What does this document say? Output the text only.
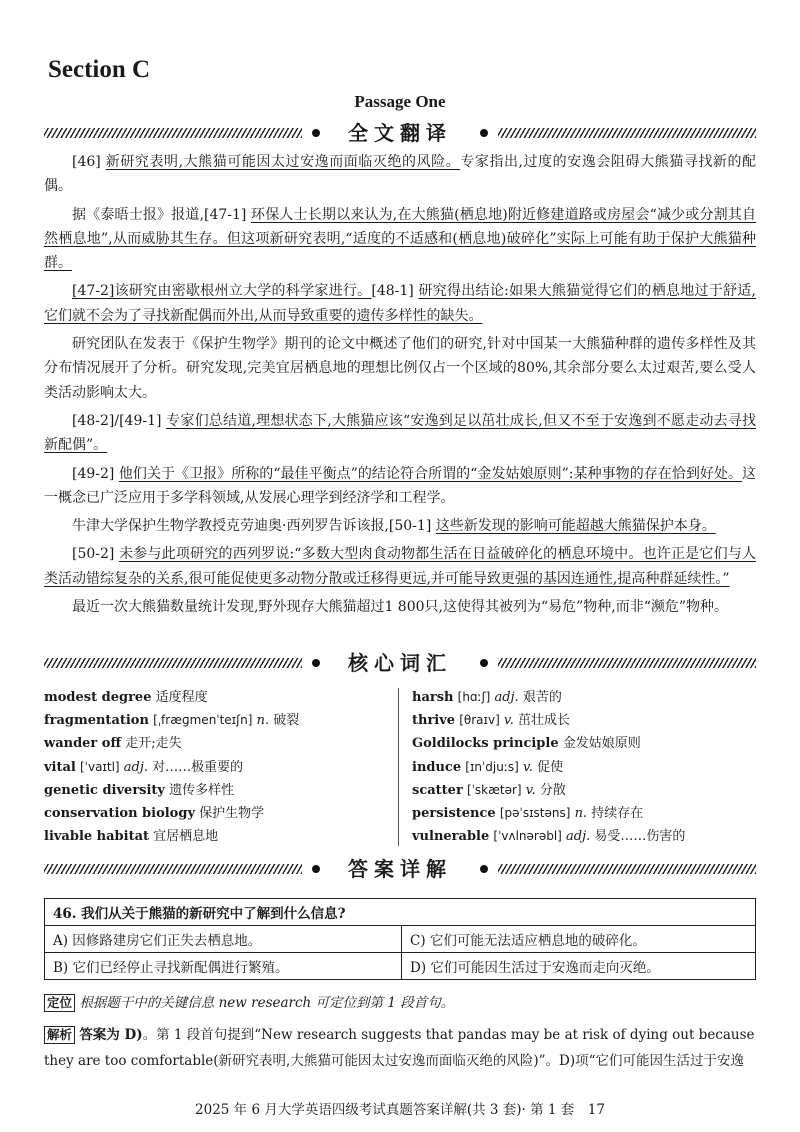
Section C
Passage One
全文翻译

[46] 新研究表明,大熊猫可能因太过安逸而面临灭绝的风险。专家指出,过度的安逸会阻碍大熊猫寻找新的配偶。

据《泰晤士报》报道,[47-1] 环保人士长期以来认为,在大熊猫(栖息地)附近修建道路或房屋会“减少或分割其自然栖息地”,从而威胁其生存。但这项新研究表明,“适度的不适感和(栖息地)破碎化”实际上可能有助于保护大熊猫种群。

[47-2]该研究由密歇根州立大学的科学家进行。[48-1] 研究得出结论:如果大熊猫觉得它们的栖息地过于舒适,它们就不会为了寻找新配偶而外出,从而导致重要的遗传多样性的缺失。

研究团队在发表于《保护生物学》期刊的论文中概述了他们的研究,针对中国某一大熊猫种群的遗传多样性及其分布情况展开了分析。研究发现,完美宜居栖息地的理想比例仅占一个区域的80%,其余部分要么太过艰苦,要么受人类活动影响太大。

[48-2]/[49-1] 专家们总结道,理想状态下,大熊猫应该“安逸到足以茁壮成长,但又不至于安逸到不愿走动去寻找新配偶”。

[49-2] 他们关于《卫报》所称的“最佳平衡点”的结论符合所谓的“金发姑娘原则”:某种事物的存在恰到好处。这一概念已广泛应用于多学科领域,从发展心理学到经济学和工程学。

牛津大学保护生物学教授克劳迪奥·西列罗告诉该报,[50-1] 这些新发现的影响可能超越大熊猫保护本身。

[50-2] 未参与此项研究的西列罗说:“多数大型肉食动物都生活在日益破碎化的栖息环境中。也许正是它们与人类活动错综复杂的关系,很可能促使更多动物分散或迁移得更远,并可能导致更强的基因连通性,提高种群延续性。”

最近一次大熊猫数量统计发现,野外现存大熊猫超过1 800只,这使得其被列为“易危”物种,而非“濒危”物种。

核心词汇
modest degree 适度程度
fragmentation [ˌfræɡmenˈteɪʃn] n. 破裂
wander off 走开;走失
vital [ˈvaɪtl] adj. 对……极重要的
genetic diversity 遗传多样性
conservation biology 保护生物学
livable habitat 宜居栖息地
harsh [hɑːʃ] adj. 艰苦的
thrive [θraɪv] v. 茁壮成长
Goldilocks principle 金发姑娘原则
induce [ɪnˈdjuːs] v. 促使
scatter [ˈskætər] v. 分散
persistence [pəˈsɪstəns] n. 持续存在
vulnerable [ˈvʌlnərəbl] adj. 易受……伤害的
答案详解
46. 我们从关于熊猫的新研究中了解到什么信息?	
A) 因修路建房它们正失去栖息地。	C) 它们可能无法适应栖息地的破碎化。
B) 它们已经停止寻找新配偶进行繁殖。	D) 它们可能因生活过于安逸而走向灭绝。
定位 根据题干中的关键信息 new research 可定位到第 1 段首句。
解析 答案为 D)。第 1 段首句提到“New research suggests that pandas may be at risk of dying out because they are too comfortable(新研究表明,大熊猫可能因太过安逸而面临灭绝的风险)”。D)项“它们可能因生活过于安逸
2025 年 6 月大学英语四级考试真题答案详解(共 3 套)· 第 1 套　17
